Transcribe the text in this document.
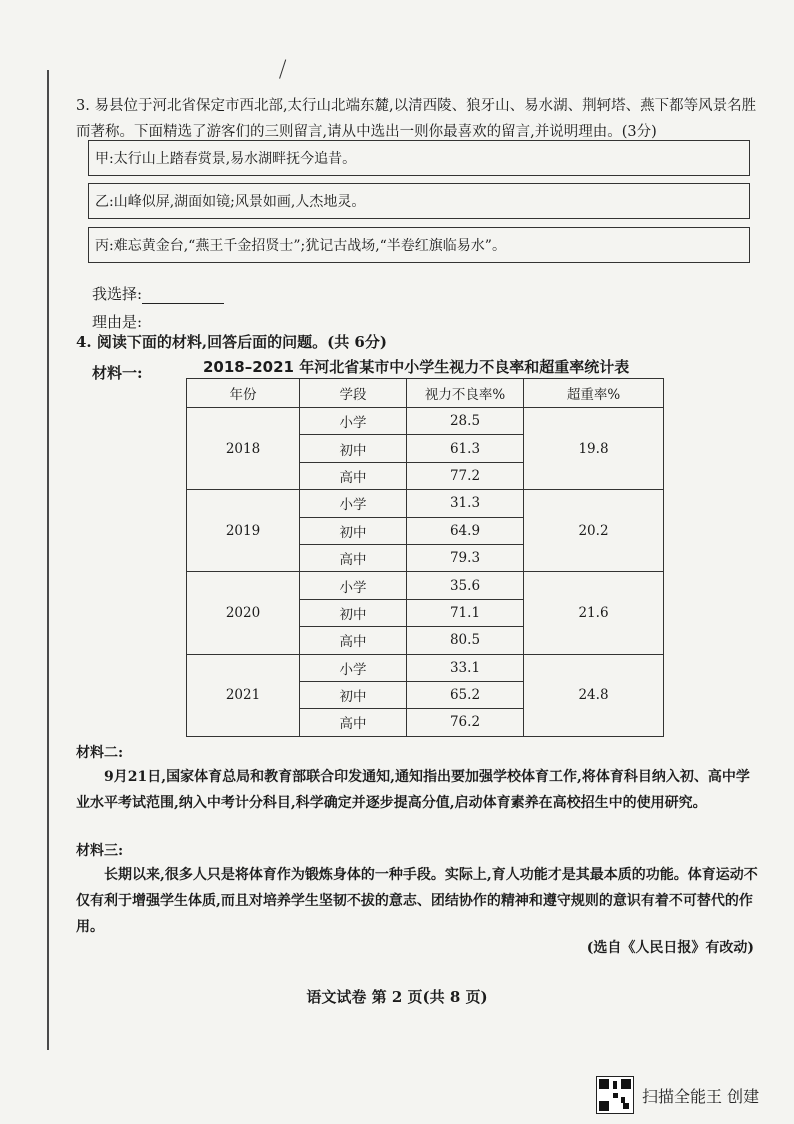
3. 易县位于河北省保定市西北部,太行山北端东麓,以清西陵、狼牙山、易水湖、荆轲塔、燕下都等风景名胜而著称。下面精选了游客们的三则留言,请从中选出一则你最喜欢的留言,并说明理由。(3分)
甲:太行山上踏春赏景,易水湖畔抚今追昔。
乙:山峰似屏,湖面如镜;风景如画,人杰地灵。
丙:难忘黄金台,“燕王千金招贤士”;犹记古战场,“半卷红旗临易水”。
我选择:
理由是:
4. 阅读下面的材料,回答后面的问题。(共 6分)
材料一:	2018–2021 年河北省某市中小学生视力不良率和超重率统计表
年份	学段	视力不良率%	超重率%
2018	小学	28.5	19.8
	初中	61.3	
	高中	77.2	
2019	小学	31.3	20.2
	初中	64.9	
	高中	79.3	
2020	小学	35.6	21.6
	初中	71.1	
	高中	80.5	
2021	小学	33.1	24.8
	初中	65.2	
	高中	76.2	
材料二:
9月21日,国家体育总局和教育部联合印发通知,通知指出要加强学校体育工作,将体育科目纳入初、高中学业水平考试范围,纳入中考计分科目,科学确定并逐步提高分值,启动体育素养在高校招生中的使用研究。
材料三:
长期以来,很多人只是将体育作为锻炼身体的一种手段。实际上,育人功能才是其最本质的功能。体育运动不仅有利于增强学生体质,而且对培养学生坚韧不拔的意志、团结协作的精神和遵守规则的意识有着不可替代的作用。
(选自《人民日报》有改动)
语文试卷 第 2 页(共 8 页)
扫描全能王 创建
